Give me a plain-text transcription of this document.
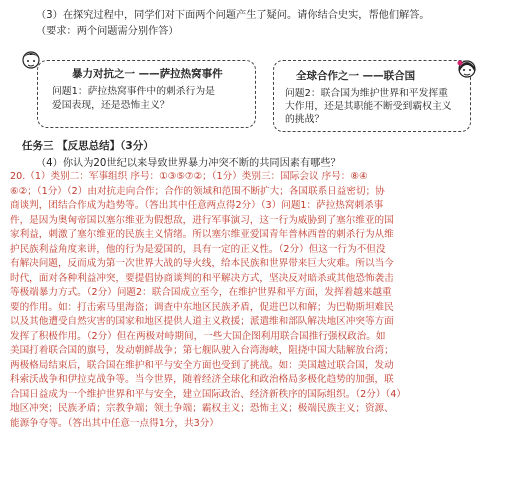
（3）在探究过程中，同学们对下面两个问题产生了疑问。请你结合史实，帮他们解答。
（要求：两个问题需分别作答）
暴力对抗之一 ——萨拉热窝事件
问题1：萨拉热窝事件中的刺杀行为是
爱国表现，还是恐怖主义？
全球合作之一 ——联合国
问题2：联合国为维护世界和平发挥重
大作用，还是其职能不断受到霸权主义
的挑战？
任务三 【反思总结】（3分）
（4）你认为20世纪以来导致世界暴力冲突不断的共同因素有哪些？
20.（1）类别二：军事组织 序号：①③⑤⑦②；（1分）类别三：国际会议 序号：⑧④
⑥②；（1分）（2）由对抗走向合作；合作的领域和范围不断扩大；各国联系日益密切；协
商谈判，团结合作成为趋势等。（答出其中任意两点得2分）（3）问题1：萨拉热窝刺杀事
件，是因为奥匈帝国以塞尔维亚为假想敌，进行军事演习，这一行为威胁到了塞尔维亚的国
家利益，刺激了塞尔维亚的民族主义情绪。所以塞尔维亚爱国青年普林西普的刺杀行为从维
护民族利益角度来讲，他的行为是爱国的，具有一定的正义性。（2分）但这一行为不但没
有解决问题，反而成为第一次世界大战的导火线，给本民族和世界带来巨大灾难。所以当今
时代，面对各种利益冲突，要提倡协商谈判的和平解决方式，坚决反对暗杀或其他恐怖袭击
等极端暴力方式。（2分）问题2：联合国成立至今，在维护世界和平方面，发挥着越来越重
要的作用。如：打击索马里海盗；调查中东地区民族矛盾，促进巴以和解；为巴勒斯坦难民
以及其他遭受自然灾害的国家和地区提供人道主义救援；派遣维和部队解决地区冲突等方面
发挥了积极作用。（2分）但在两极对峙期间，一些大国企图利用联合国推行强权政治。如
美国打着联合国的旗号，发动朝鲜战争；第七舰队驶入台湾海峡，阻挠中国大陆解放台湾；
两极格局结束后，联合国在维护和平与安全方面也受到了挑战。如：美国越过联合国，发动
科索沃战争和伊拉克战争等。当今世界，随着经济全球化和政治格局多极化趋势的加强，联
合国日益成为一个维护世界和平与安全，建立国际政治、经济新秩序的国际组织。（2分）（4）
地区冲突；民族矛盾；宗教争端；领土争端；霸权主义；恐怖主义；极端民族主义；资源、
能源争夺等。（答出其中任意一点得1分，共3分）
